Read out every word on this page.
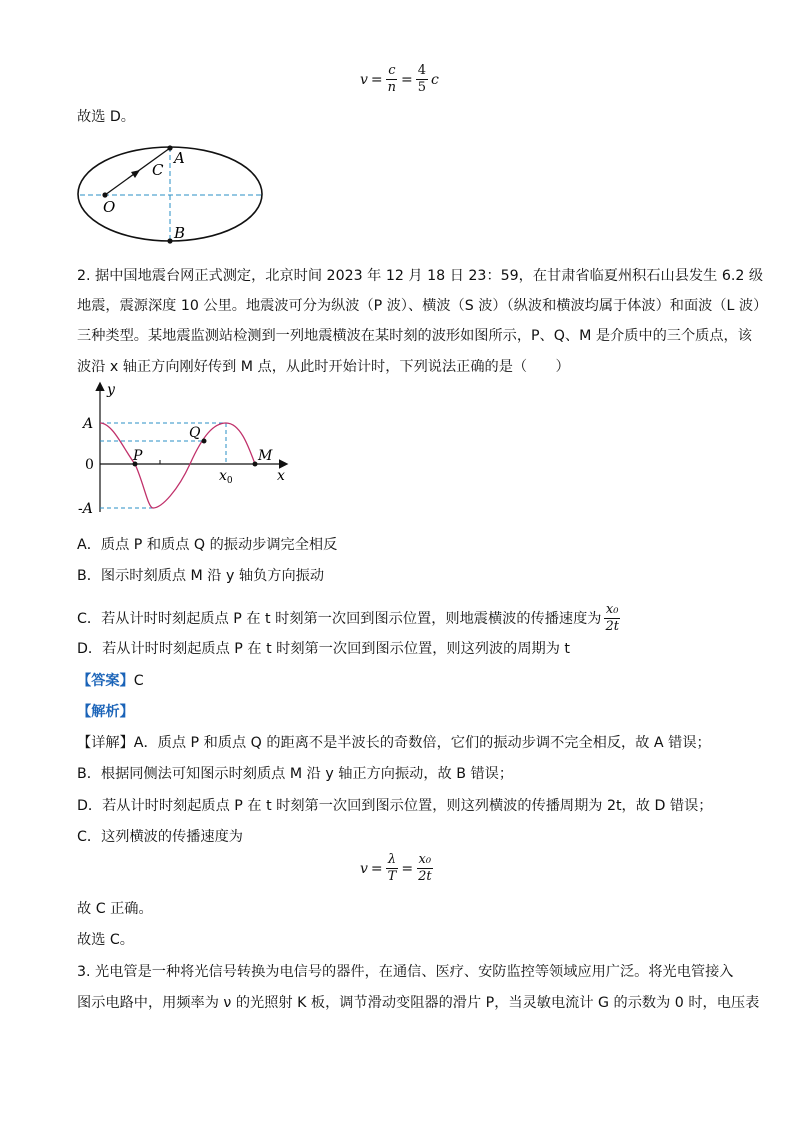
$v = \frac{c}{n} = \frac{4}{5}$ c
故选 D。
A
C
O
B
2. 据中国地震台网正式测定，北京时间 2023 年 12 月 18 日 23：59，在甘肃省临夏州积石山县发生 6.2 级
地震，震源深度 10 公里。地震波可分为纵波（P 波）、横波（S 波）（纵波和横波均属于体波）和面波（L 波）
三种类型。某地震监测站检测到一列地震横波在某时刻的波形如图所示，P、Q、M 是介质中的三个质点，该
波沿 x 轴正方向刚好传到 M 点，从此时开始计时，下列说法正确的是（　　）
y
A
0
-A
P
Q
M
$x_0$	x
A．质点 P 和质点 Q 的振动步调完全相反
B．图示时刻质点 M 沿 y 轴负方向振动
C．若从计时时刻起质点 P 在 t 时刻第一次回到图示位置，则地震横波的传播速度为 $\frac{\text{x₀}}{2t}$
D．若从计时时刻起质点 P 在 t 时刻第一次回到图示位置，则这列波的周期为 t
【答案】C
【解析】
【详解】A．质点 P 和质点 Q 的距离不是半波长的奇数倍，它们的振动步调不完全相反，故 A 错误；
B．根据同侧法可知图示时刻质点 M 沿 y 轴正方向振动，故 B 错误；
D．若从计时时刻起质点 P 在 t 时刻第一次回到图示位置，则这列横波的传播周期为 2t，故 D 错误；
C．这列横波的传播速度为
$v = \frac{\lambda}{T} = \frac{\text{x₀}}{2t}$
故 C 正确。
故选 C。
3. 光电管是一种将光信号转换为电信号的器件，在通信、医疗、安防监控等领域应用广泛。将光电管接入
图示电路中，用频率为 ν 的光照射 K 板，调节滑动变阻器的滑片 P，当灵敏电流计 G 的示数为 0 时，电压表
